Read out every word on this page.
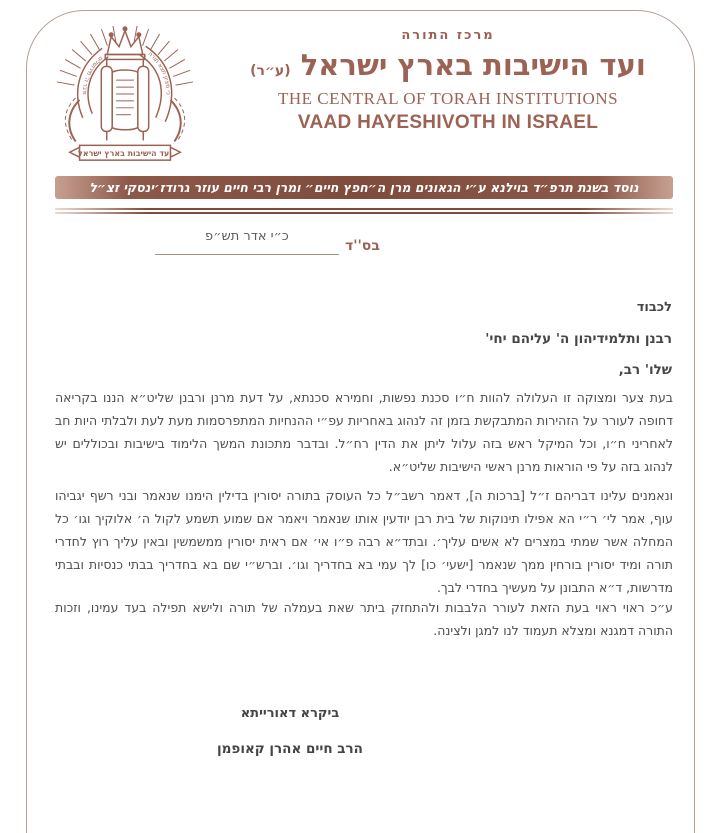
כי מציון תצא תורה
ודבר ה' מירושלים
ועד הישיבות בארץ ישראל
מרכז התורה
ועד הישיבות בארץ ישראל (ע״ר)
THE CENTRAL OF TORAH INSTITUTIONS
VAAD HAYESHIVOTH IN ISRAEL
נוסד בשנת תרפ״ד בוילנא ע״י הגאונים מרן ה״חפץ חיים״ ומרן רבי חיים עוזר גרודז׳ינסקי זצ״ל
כ״י אדר תש״פ
בס''ד
לכבוד
רבנן ותלמידיהון ה' עליהם יחי'
שלו' רב,

בעת צער ומצוקה זו העלולה להוות ח״ו סכנת נפשות, וחמירא סכנתא, על דעת מרנן ורבנן שליט״א הננו בקריאה דחופה לעורר על הזהירות המתבקשת בזמן זה לנהוג באחריות עפ״י ההנחיות המתפרסמות מעת לעת ולבלתי היות חב לאחריני ח״ו, וכל המיקל ראש בזה עלול ליתן את הדין רח״ל. ובדבר מתכונת המשך הלימוד בישיבות ובכוללים יש לנהוג בזה על פי הוראות מרנן ראשי הישיבות שליט״א.

ונאמנים עלינו דבריהם ז״ל [ברכות ה], דאמר רשב״ל כל העוסק בתורה יסורין בדילין הימנו שנאמר ובני רשף יגביהו עוף, אמר לי׳ ר״י הא אפילו תינוקות של בית רבן יודעין אותו שנאמר ויאמר אם שמוע תשמע לקול ה׳ אלוקיך וגו׳ כל המחלה אשר שמתי במצרים לא אשים עליך׳. ובתד״א רבה פ״ו אי׳ אם ראית יסורין ממשמשין ובאין עליך רוץ לחדרי תורה ומיד יסורין בורחין ממך שנאמר [ישעי׳ כו] לך עמי בא בחדריך וגו׳. וברש״י שם בא בחדריך בבתי כנסיות ובבתי מדרשות, ד״א התבונן על מעשיך בחדרי לבך.

ע״כ ראוי ראוי בעת הזאת לעורר הלבבות ולהתחזק ביתר שאת בעמלה של תורה ולישא תפילה בעד עמינו, וזכות התורה דמגנא ומצלא תעמוד לנו למגן ולצינה.

ביקרא דאורייתא
הרב חיים אהרן קאופמן
